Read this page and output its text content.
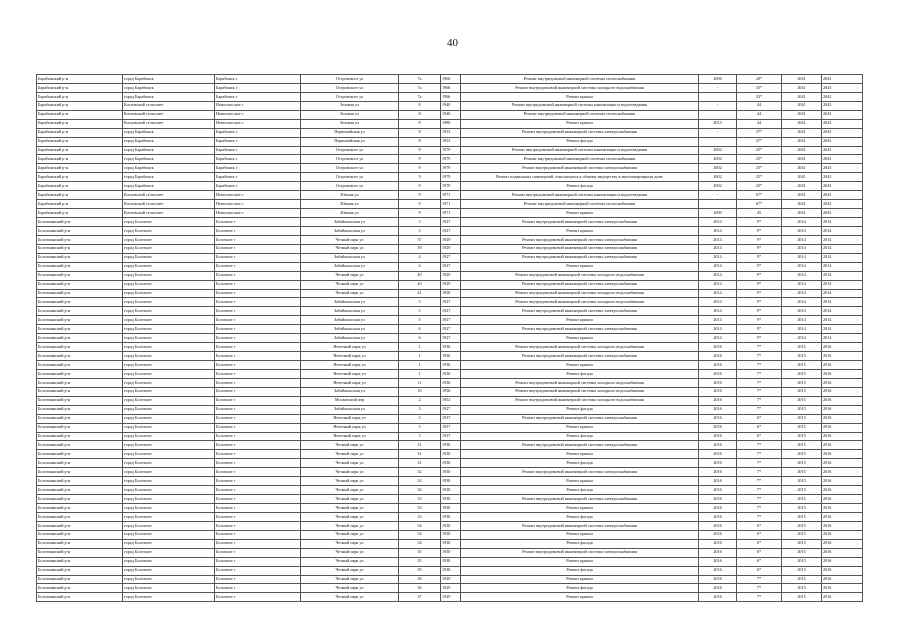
40
Барабинский р-н	город Барабинск	Барабинск г	Островского ул	7а	1966	Ремонт внутридомовой инженерной системы теплоснабжения	2006	20*	2041	2043
Барабинский р-н	город Барабинск	Барабинск г	Островского ул	7а	1966	Ремонт внутридомовой инженерной системы холодного водоснабжения	-	33*	2041	2043
Барабинский р-н	город Барабинск	Барабинск г	Островского ул	7а	1966	Ремонт крыши		33*	2041	2043
Барабинский р-н	Козловский сельсовет	Новоспасское с	Зеленая ул	8	1940	Ремонт внутридомовой инженерной системы канализации и водоотведения	-	44	2041	2043
Барабинский р-н	Козловский сельсовет	Новоспасское с	Зеленая ул	8	1940	Ремонт внутридомовой инженерной системы теплоснабжения		44	2041	2043
Барабинский р-н	Козловский сельсовет	Новоспасское с	Зеленая ул	8	1980	Ремонт крыши	2013	44	2041	2043
Барабинский р-н	город Барабинск	Барабинск г	Первомайская ул	8	1953	Ремонт внутридомовой инженерной системы электроснабжения	-	37*	2041	2043
Барабинский р-н	город Барабинск	Барабинск г	Первомайская ул	8	1953	Ремонт фасада		37*	2041	2043
Барабинский р-н	город Барабинск	Барабинск г	Островского ул	9	1979	Ремонт внутридомовой инженерной системы канализации и водоотведения	2002	25*	2041	2043
Барабинский р-н	город Барабинск	Барабинск г	Островского ул	9	1979	Ремонт внутридомовой инженерной системы теплоснабжения	2002	25*	2041	2043
Барабинский р-н	город Барабинск	Барабинск г	Островского ул	9	1979	Ремонт внутридомовой инженерной системы электроснабжения	2002	25*	2041	2043
Барабинский р-н	город Барабинск	Барабинск г	Островского ул	9	1979	Ремонт подвальных помещений, относящихся к общему имуществу в многоквартирном доме	2002	25*	2041	2043
Барабинский р-н	город Барабинск	Барабинск г	Островского ул	9	1979	Ремонт фасада	2002	25*	2041	2043
Барабинский р-н	Козловский сельсовет	Новоспасское с	Южная ул	9	1971	Ремонт внутридомовой инженерной системы канализации и водоотведения	-	67*	2041	2043
Барабинский р-н	Козловский сельсовет	Новоспасское с	Южная ул	9	1971	Ремонт внутридомовой инженерной системы теплоснабжения		67*	2041	2043
Барабинский р-н	Козловский сельсовет	Новоспасское с	Южная ул	9	1971	Ремонт крыши	2009	45	2041	2043
Болотнинский р-н	город Болотное	Болотное г	Забайкальская ул	3	1927	Ремонт внутридомовой инженерной системы электроснабжения	2014	9*	2014	2014
Болотнинский р-н	город Болотное	Болотное г	Забайкальская ул	3	1927	Ремонт крыши	2014	9*	2014	2014
Болотнинский р-н	город Болотное	Болотное г	Четный парк ул	37	1929	Ремонт внутридомовой инженерной системы электроснабжения	2014	9*	2014	2014
Болотнинский р-н	город Болотное	Болотное г	Четный парк ул	39	1929	Ремонт внутридомовой инженерной системы электроснабжения	2014	9*	2014	2014
Болотнинский р-н	город Болотное	Болотное г	Забайкальская ул	4	1927	Ремонт внутридомовой инженерной системы электроснабжения	2014	9*	2014	2014
Болотнинский р-н	город Болотное	Болотное г	Забайкальская ул	4	1927	Ремонт крыши	2014	9*	2014	2014
Болотнинский р-н	город Болотное	Болотное г	Четный парк ул	40	1929	Ремонт внутридомовой инженерной системы холодного водоснабжения	2014	9*	2014	2014
Болотнинский р-н	город Болотное	Болотное г	Четный парк ул	40	1929	Ремонт внутридомовой инженерной системы электроснабжения	2014	9*	2014	2014
Болотнинский р-н	город Болотное	Болотное г	Четный парк ул	41	1950	Ремонт внутридомовой инженерной системы холодного водоснабжения	2014	9*	2014	2014
Болотнинский р-н	город Болотное	Болотное г	Забайкальская ул	5	1927	Ремонт внутридомовой инженерной системы холодного водоснабжения	2014	9*	2014	2014
Болотнинский р-н	город Болотное	Болотное г	Забайкальская ул	5	1927	Ремонт внутридомовой инженерной системы электроснабжения	2014	9*	2014	2014
Болотнинский р-н	город Болотное	Болотное г	Забайкальская ул	5	1927	Ремонт крыши	2014	9*	2014	2014
Болотнинский р-н	город Болотное	Болотное г	Забайкальская ул	6	1927	Ремонт внутридомовой инженерной системы электроснабжения	2014	9*	2014	2014
Болотнинский р-н	город Болотное	Болотное г	Забайкальская ул	6	1927	Ремонт крыши	2014	9*	2014	2014
Болотнинский р-н	город Болотное	Болотное г	Нечетный парк ул	1	1936	Ремонт внутридомовой инженерной системы холодного водоснабжения	2016	7*	2015	2016
Болотнинский р-н	город Болотное	Болотное г	Нечетный парк ул	1	1936	Ремонт внутридомовой инженерной системы электроснабжения	2016	7*	2015	2016
Болотнинский р-н	город Болотное	Болотное г	Нечетный парк ул	1	1936	Ремонт крыши	2016	7*	2015	2016
Болотнинский р-н	город Болотное	Болотное г	Нечетный парк ул	1	1936	Ремонт фасада	2016	7*	2015	2016
Болотнинский р-н	город Болотное	Болотное г	Нечетный парк ул	11	1936	Ремонт внутридомовой инженерной системы холодного водоснабжения	2016	7*	2015	2016
Болотнинский р-н	город Болотное	Болотное г	Забайкальская ул	16	1956	Ремонт внутридомовой инженерной системы холодного водоснабжения	2016	7*	2015	2016
Болотнинский р-н	город Болотное	Болотное г	Московский пер	2	1952	Ремонт внутридомовой инженерной системы холодного водоснабжения	2016	7*	2015	2016
Болотнинский р-н	город Болотное	Болотное г	Забайкальская ул	3	1927	Ремонт фасада	2016	7*	2015	2016
Болотнинский р-н	город Болотное	Болотное г	Нечетный парк ул	3	1937	Ремонт внутридомовой инженерной системы электроснабжения	2016	6*	2015	2016
Болотнинский р-н	город Болотное	Болотное г	Нечетный парк ул	3	1937	Ремонт крыши	2016	6*	2015	2016
Болотнинский р-н	город Болотное	Болотное г	Нечетный парк ул	3	1937	Ремонт фасада	2016	6*	2015	2016
Болотнинский р-н	город Болотное	Болотное г	Четный парк ул	31	1930	Ремонт внутридомовой инженерной системы электроснабжения	2016	7*	2015	2016
Болотнинский р-н	город Болотное	Болотное г	Четный парк ул	31	1930	Ремонт крыши	2016	7*	2015	2016
Болотнинский р-н	город Болотное	Болотное г	Четный парк ул	31	1930	Ремонт фасада	2016	7*	2015	2016
Болотнинский р-н	город Болотное	Болотное г	Четный парк ул	32	1930	Ремонт внутридомовой инженерной системы электроснабжения	2016	7*	2015	2016
Болотнинский р-н	город Болотное	Болотное г	Четный парк ул	32	1930	Ремонт крыши	2016	7*	2015	2016
Болотнинский р-н	город Болотное	Болотное г	Четный парк ул	32	1930	Ремонт фасада	2016	7*	2015	2016
Болотнинский р-н	город Болотное	Болотное г	Четный парк ул	33	1930	Ремонт внутридомовой инженерной системы электроснабжения	2016	7*	2015	2016
Болотнинский р-н	город Болотное	Болотное г	Четный парк ул	33	1930	Ремонт крыши	2016	7*	2015	2016
Болотнинский р-н	город Болотное	Болотное г	Четный парк ул	33	1930	Ремонт фасада	2016	7*	2015	2016
Болотнинский р-н	город Болотное	Болотное г	Четный парк ул	34	1930	Ремонт внутридомовой инженерной системы электроснабжения	2016	6*	2015	2016
Болотнинский р-н	город Болотное	Болотное г	Четный парк ул	34	1930	Ремонт крыши	2016	6*	2015	2016
Болотнинский р-н	город Болотное	Болотное г	Четный парк ул	34	1930	Ремонт фасада	2016	6*	2015	2016
Болотнинский р-н	город Болотное	Болотное г	Четный парк ул	35	1930	Ремонт внутридомовой инженерной системы электроснабжения	2016	6*	2015	2016
Болотнинский р-н	город Болотное	Болотное г	Четный парк ул	35	1930	Ремонт крыши	2016	6*	2015	2016
Болотнинский р-н	город Болотное	Болотное г	Четный парк ул	35	1930	Ремонт фасада	2016	6*	2015	2016
Болотнинский р-н	город Болотное	Болотное г	Четный парк ул	36	1929	Ремонт крыши	2016	7*	2015	2016
Болотнинский р-н	город Болотное	Болотное г	Четный парк ул	36	1929	Ремонт фасада	2016	7*	2015	2016
Болотнинский р-н	город Болотное	Болотное г	Четный парк ул	37	1929	Ремонт крыши	2016	7*	2015	2016
